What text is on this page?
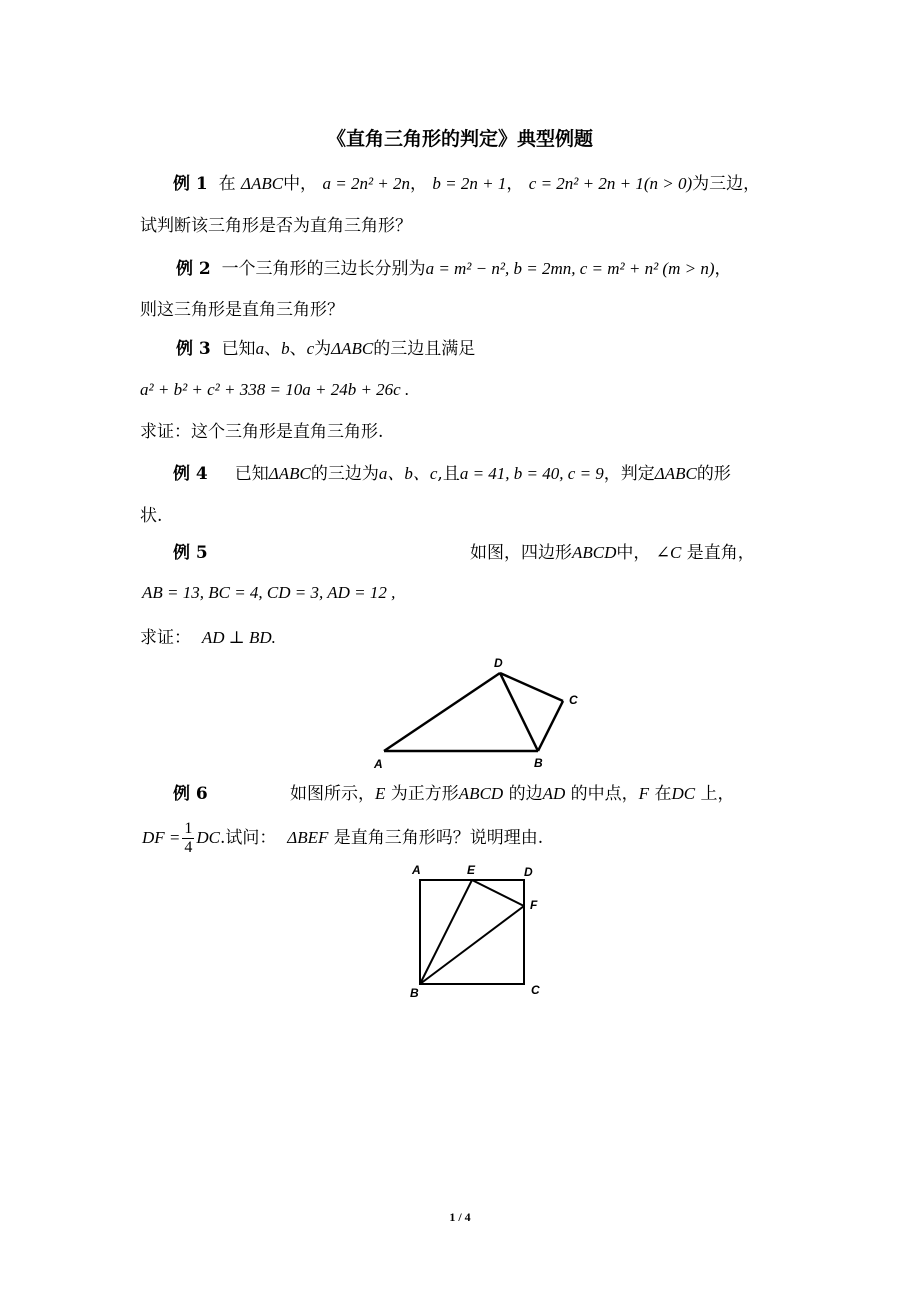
《直角三角形的判定》典型例题
例 1 在 ΔABC中， a = 2n² + 2n， b = 2n + 1， c = 2n² + 2n + 1(n > 0)为三边，
试判断该三角形是否为直角三角形？
例 2 一个三角形的三边长分别为a = m² − n², b = 2mn, c = m² + n² (m > n)，
则这三角形是直角三角形？
例 3 已知a、b、c为ΔABC的三边且满足
a² + b² + c² + 338 = 10a + 24b + 26c .
求证：这个三角形是直角三角形.
例 4 已知ΔABC的三边为a、b、c,且a = 41, b = 40, c = 9，判定ΔABC的形
状.
例 5	如图，四边形ABCD中， ∠C 是直角，
AB = 13, BC = 4, CD = 3, AD = 12 ,
求证： AD ⊥ BD.
A	B
C
D
例 6	如图所示，E 为正方形ABCD 的边AD 的中点，F 在DC 上，
DF = $\frac{1}{4}$ DC.试问： ΔBEF 是直角三角形吗？说明理由.
A	E	D
F
B	C
1 / 4
